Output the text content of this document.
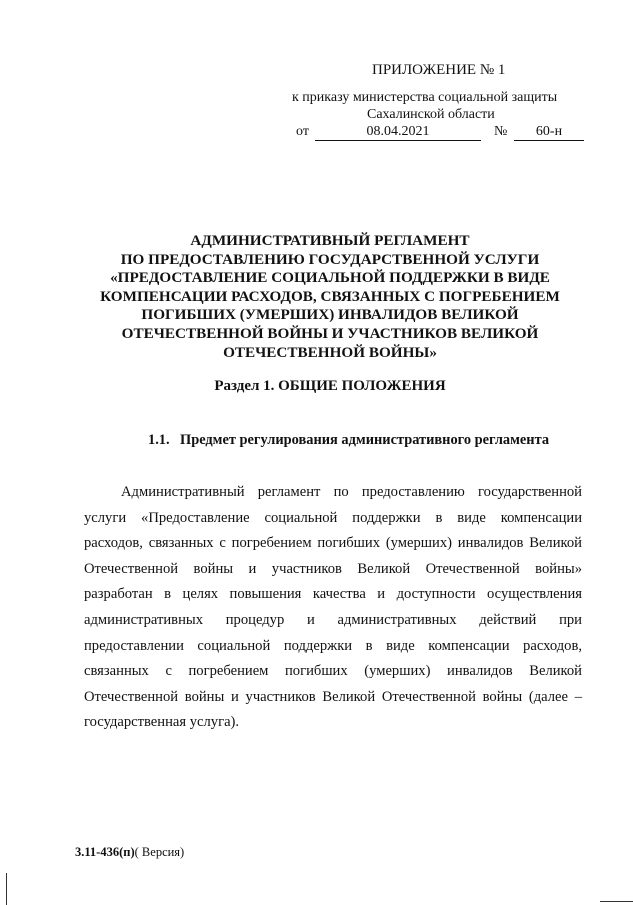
ПРИЛОЖЕНИЕ № 1
к приказу министерства социальной защиты
Сахалинской области
от	08.04.2021	№	60-н
АДМИНИСТРАТИВНЫЙ РЕГЛАМЕНТ
ПО ПРЕДОСТАВЛЕНИЮ ГОСУДАРСТВЕННОЙ УСЛУГИ
«ПРЕДОСТАВЛЕНИЕ СОЦИАЛЬНОЙ ПОДДЕРЖКИ В ВИДЕ
КОМПЕНСАЦИИ РАСХОДОВ, СВЯЗАННЫХ С ПОГРЕБЕНИЕМ
ПОГИБШИХ (УМЕРШИХ) ИНВАЛИДОВ ВЕЛИКОЙ
ОТЕЧЕСТВЕННОЙ ВОЙНЫ И УЧАСТНИКОВ ВЕЛИКОЙ
ОТЕЧЕСТВЕННОЙ ВОЙНЫ»
Раздел 1. ОБЩИЕ ПОЛОЖЕНИЯ
1.1. Предмет регулирования административного регламента
Административный регламент по предоставлению государственной
услуги «Предоставление социальной поддержки в виде компенсации
расходов, связанных с погребением погибших (умерших) инвалидов Великой
Отечественной войны и участников Великой Отечественной войны»
разработан в целях повышения качества и доступности осуществления
административных процедур и административных действий при
предоставлении социальной поддержки в виде компенсации расходов,
связанных с погребением погибших (умерших) инвалидов Великой
Отечественной войны и участников Великой Отечественной войны (далее –
государственная услуга).
3.11-436(п)( Версия)
